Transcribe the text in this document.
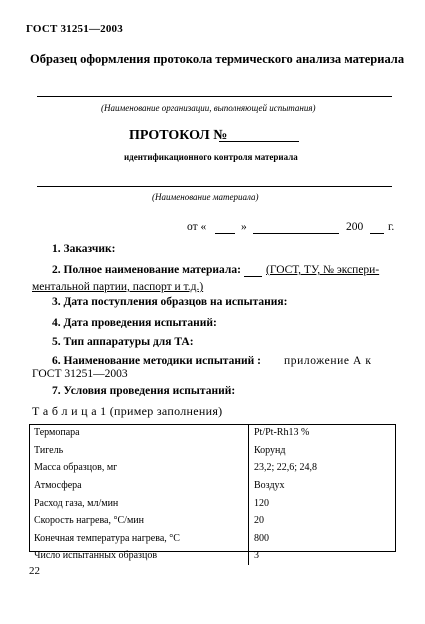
ГОСТ 31251—2003
Образец оформления протокола термического анализа материала
(Наименование организации, выполняющей испытания)
ПРОТОКОЛ №
идентификационного контроля материала
(Наименование материала)
от «	»	200 г.
1. Заказчик:
2. Полное наименование материала: (ГОСТ, ТУ, № экспери-
ментальной партии, паспорт и т.д.)
3. Дата поступления образцов на испытания:
4. Дата проведения испытаний:
5. Тип аппаратуры для ТА:
6. Наименование методики испытаний : приложение А к
ГОСТ 31251—2003
7. Условия проведения испытаний:
Т а б л и ц а 1 (пример заполнения)
Термопара	Pt/Pt-Rh13 %
Тигель	Корунд
Масса образцов, мг	23,2; 22,6; 24,8
Атмосфера	Воздух
Расход газа, мл/мин	120
Скорость нагрева, °С/мин	20
Конечная температура нагрева, °С	800
Число испытанных образцов	3
22
